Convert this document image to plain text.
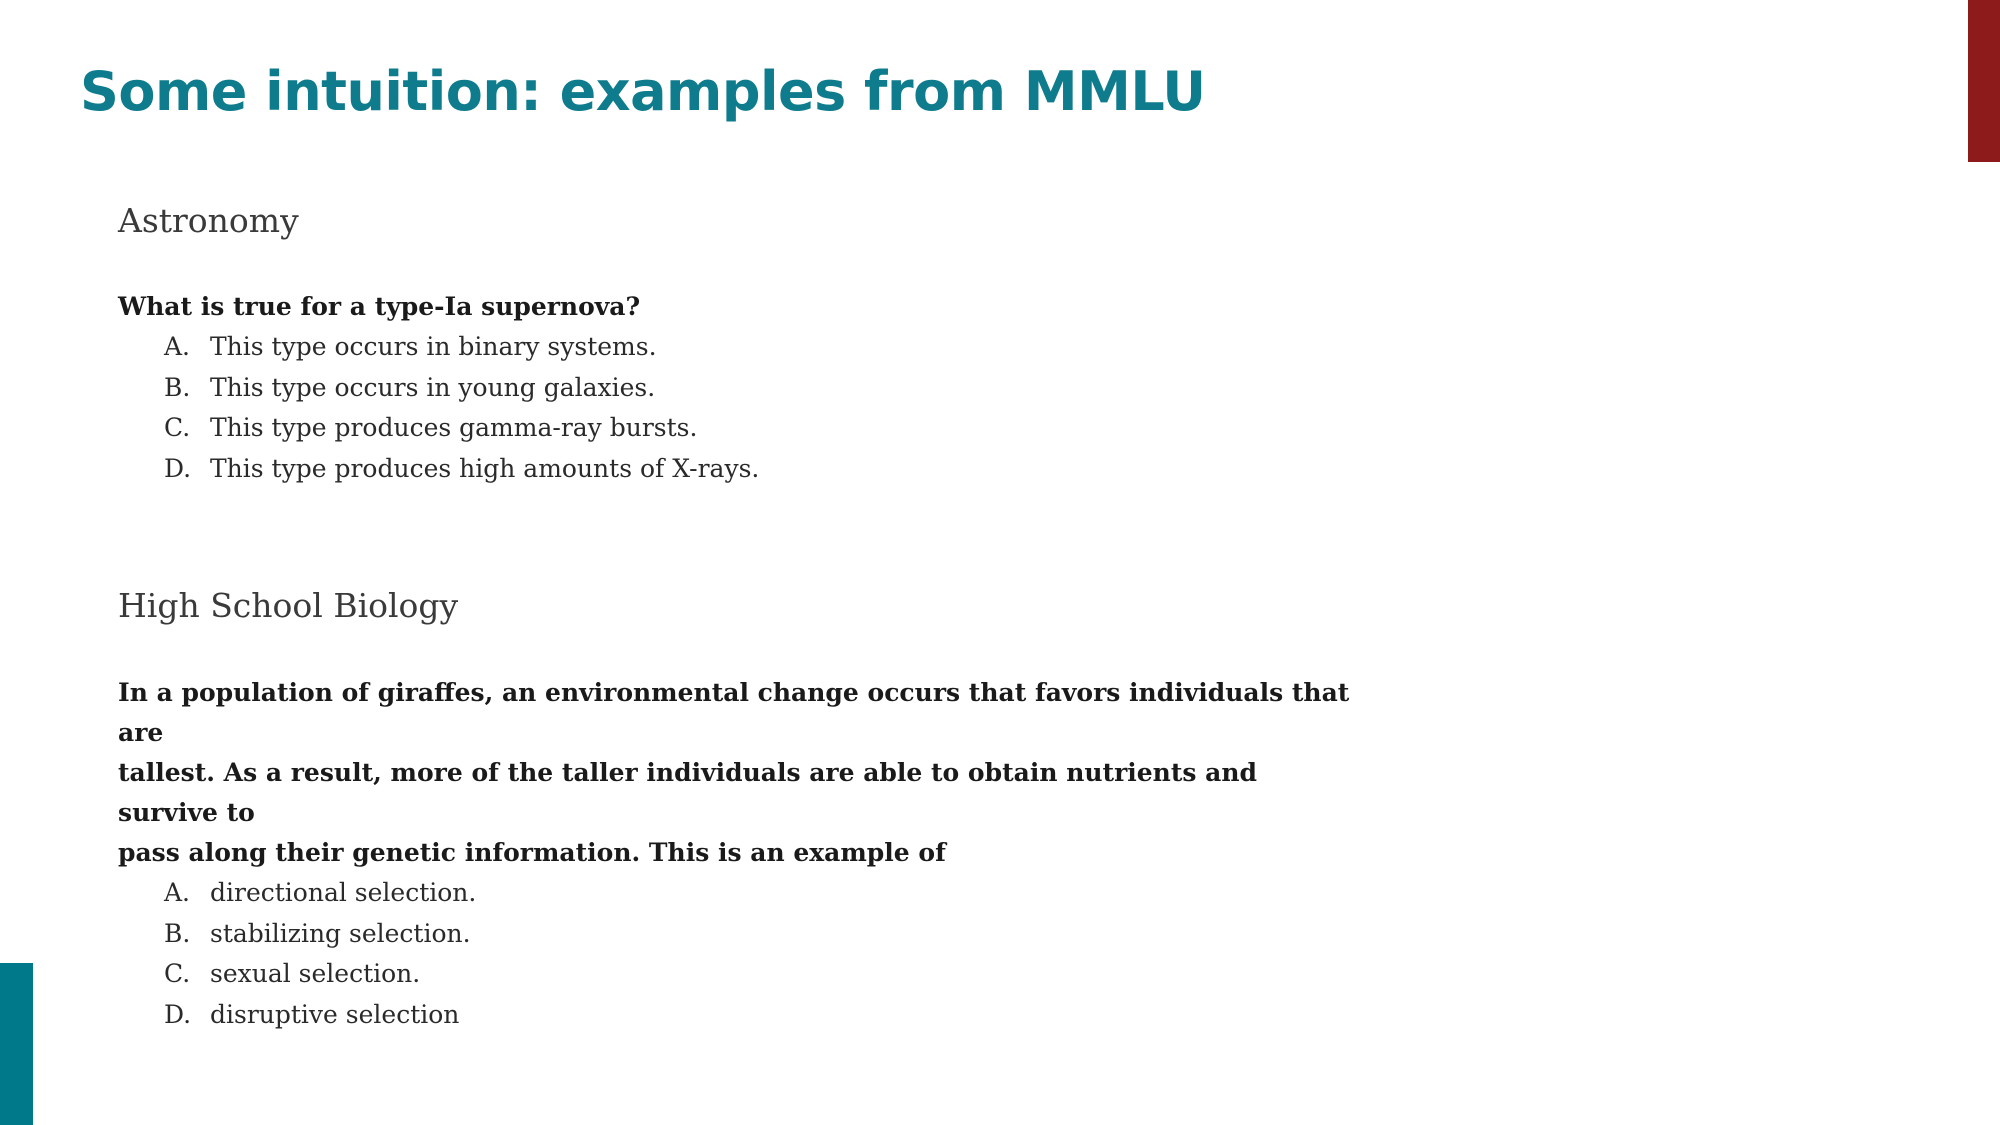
Some intuition: examples from MMLU
Astronomy

What is true for a type-Ia supernova?

A. This type occurs in binary systems.
B. This type occurs in young galaxies.
C. This type produces gamma-ray bursts.
D. This type produces high amounts of X-rays.
High School Biology

In a population of giraffes, an environmental change occurs that favors individuals that are
tallest. As a result, more of the taller individuals are able to obtain nutrients and survive to
pass along their genetic information. This is an example of

A. directional selection.
B. stabilizing selection.
C. sexual selection.
D. disruptive selection
